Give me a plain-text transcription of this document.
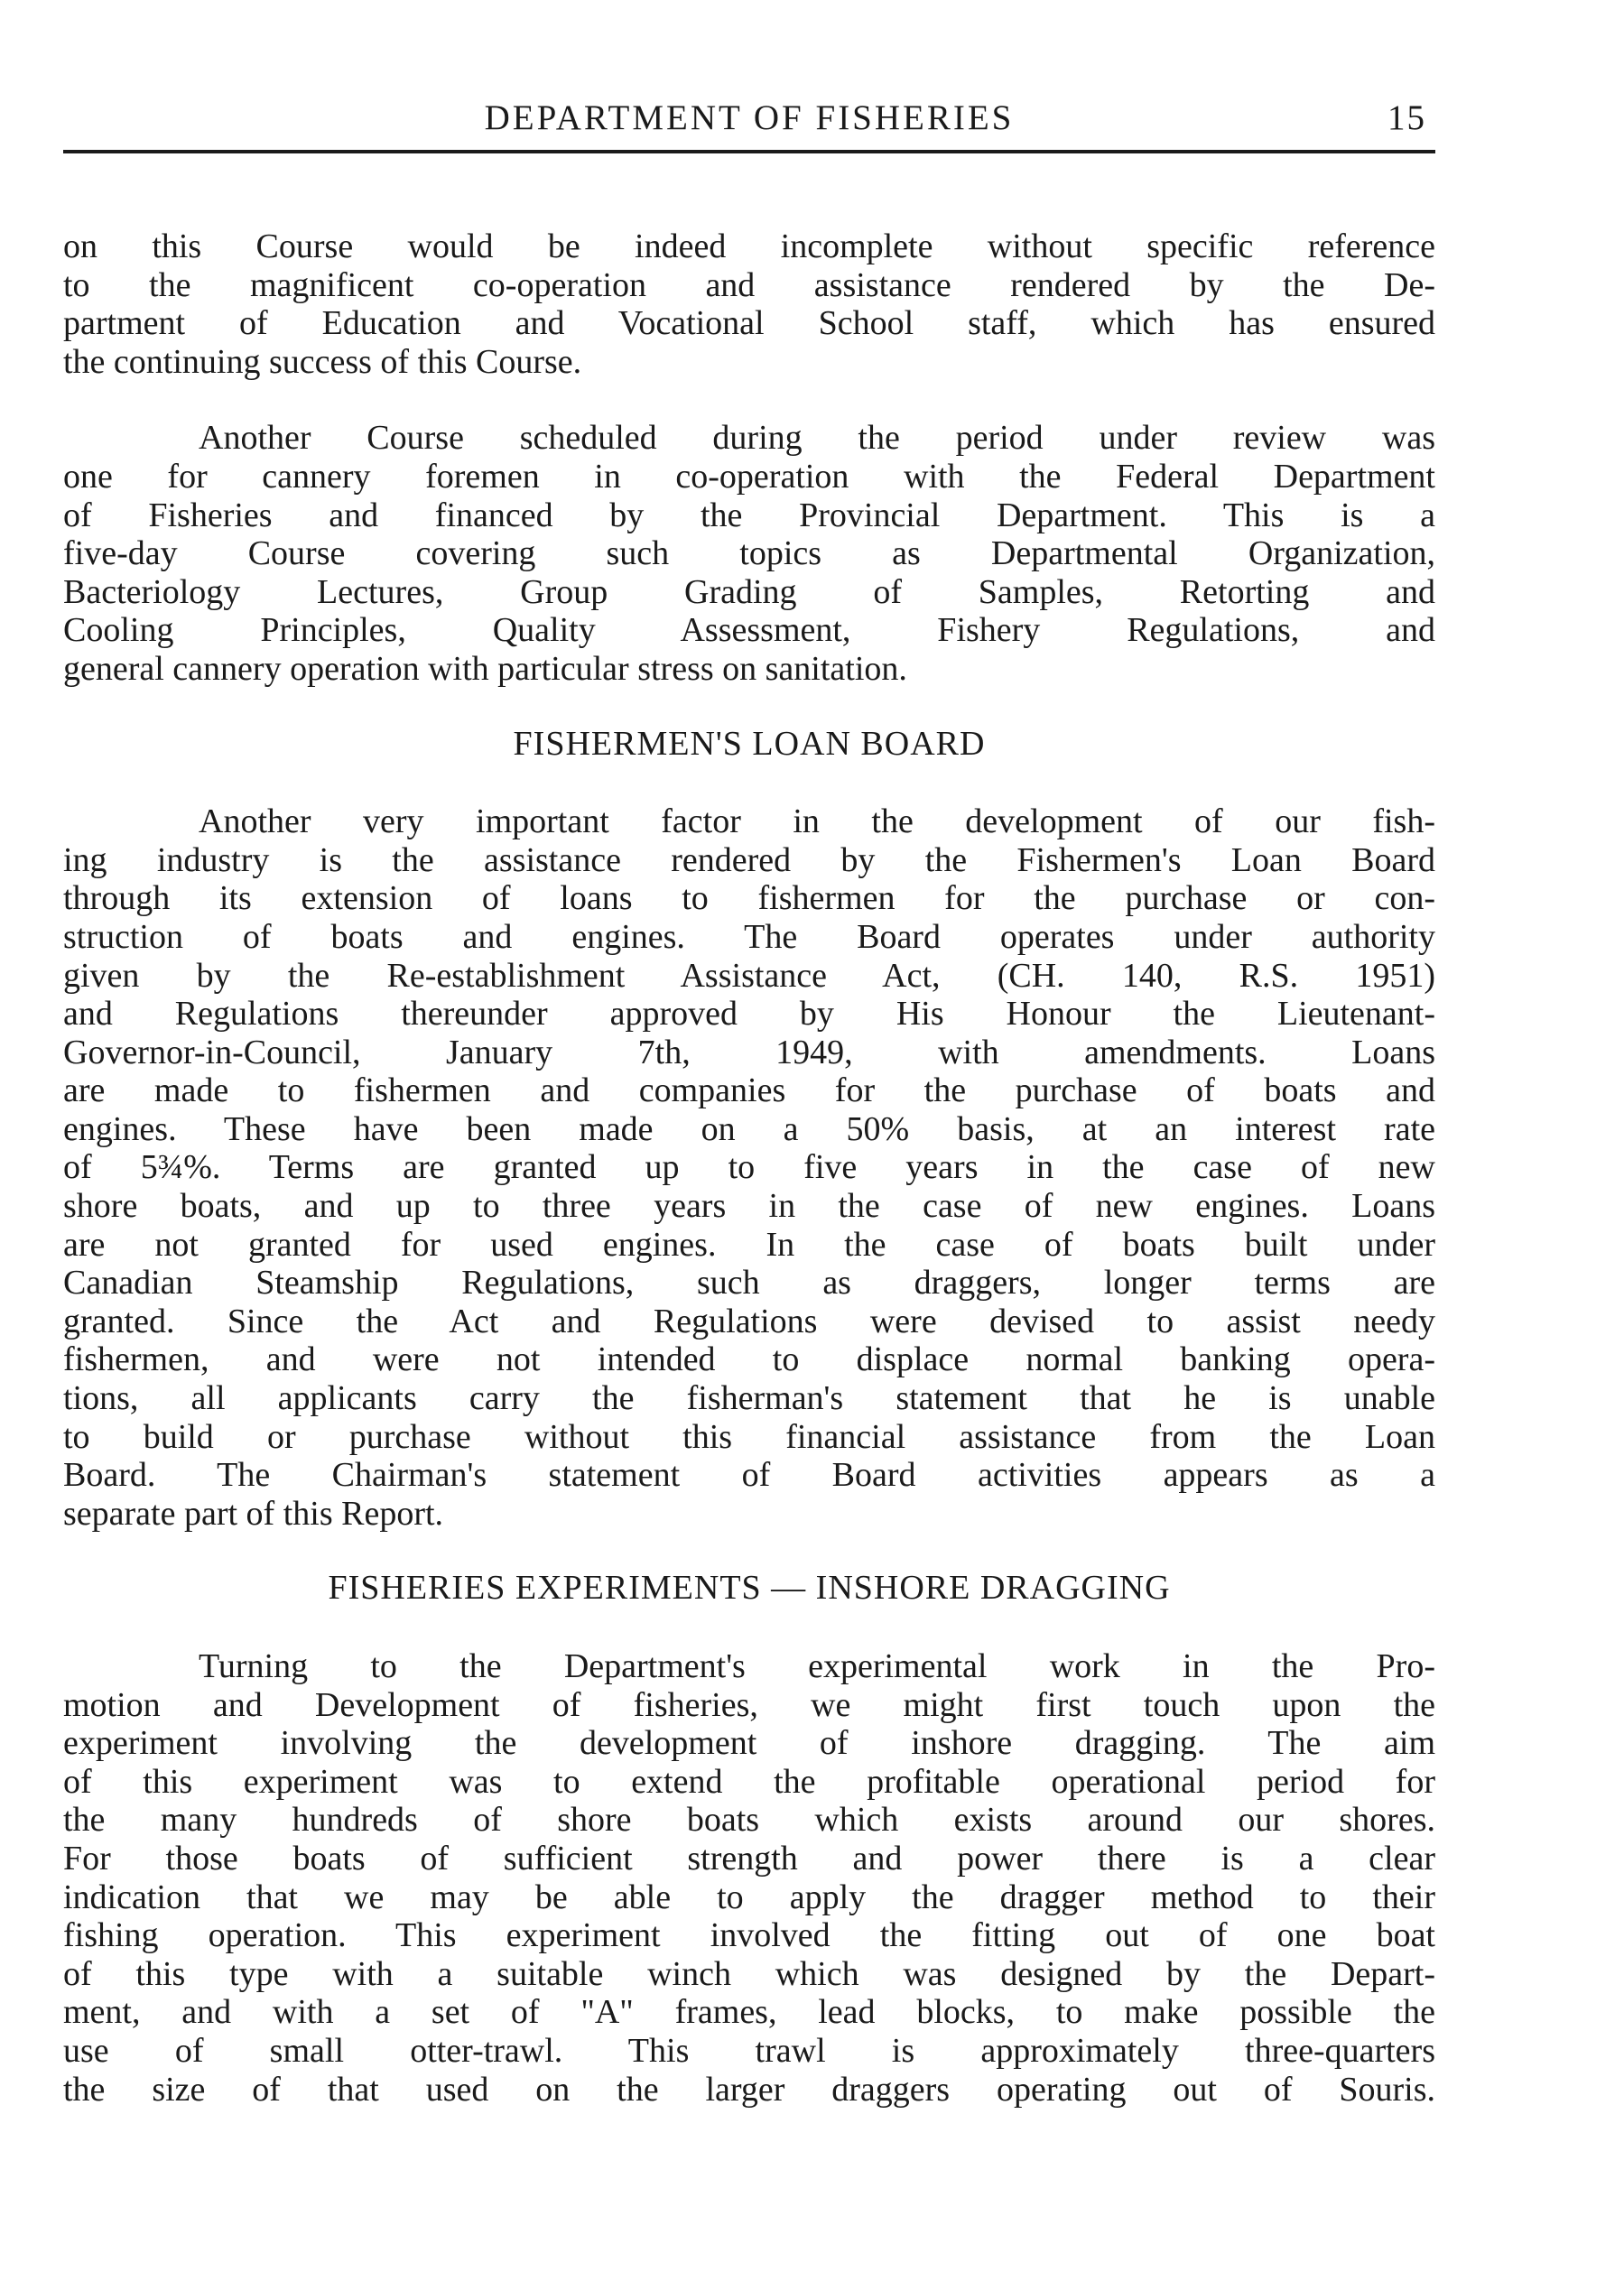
DEPARTMENT OF FISHERIES	15
on this Course would be indeed incomplete without specific reference
to the magnificent co-operation and assistance rendered by the De-
partment of Education and Vocational School staff, which has ensured
the continuing success of this Course.
Another Course scheduled during the period under review was
one for cannery foremen in co-operation with the Federal Department
of Fisheries and financed by the Provincial Department. This is a
five-day Course covering such topics as Departmental Organization,
Bacteriology Lectures, Group Grading of Samples, Retorting and
Cooling Principles, Quality Assessment, Fishery Regulations, and
general cannery operation with particular stress on sanitation.
FISHERMEN'S LOAN BOARD
Another very important factor in the development of our fish-
ing industry is the assistance rendered by the Fishermen's Loan Board
through its extension of loans to fishermen for the purchase or con-
struction of boats and engines. The Board operates under authority
given by the Re-establishment Assistance Act, (CH. 140, R.S. 1951)
and Regulations thereunder approved by His Honour the Lieutenant-
Governor-in-Council, January 7th, 1949, with amendments. Loans
are made to fishermen and companies for the purchase of boats and
engines. These have been made on a 50% basis, at an interest rate
of 5¾%. Terms are granted up to five years in the case of new
shore boats, and up to three years in the case of new engines. Loans
are not granted for used engines. In the case of boats built under
Canadian Steamship Regulations, such as draggers, longer terms are
granted. Since the Act and Regulations were devised to assist needy
fishermen, and were not intended to displace normal banking opera-
tions, all applicants carry the fisherman's statement that he is unable
to build or purchase without this financial assistance from the Loan
Board. The Chairman's statement of Board activities appears as a
separate part of this Report.
FISHERIES EXPERIMENTS — INSHORE DRAGGING
Turning to the Department's experimental work in the Pro-
motion and Development of fisheries, we might first touch upon the
experiment involving the development of inshore dragging. The aim
of this experiment was to extend the profitable operational period for
the many hundreds of shore boats which exists around our shores.
For those boats of sufficient strength and power there is a clear
indication that we may be able to apply the dragger method to their
fishing operation. This experiment involved the fitting out of one boat
of this type with a suitable winch which was designed by the Depart-
ment, and with a set of "A" frames, lead blocks, to make possible the
use of small otter-trawl. This trawl is approximately three-quarters
the size of that used on the larger draggers operating out of Souris.
